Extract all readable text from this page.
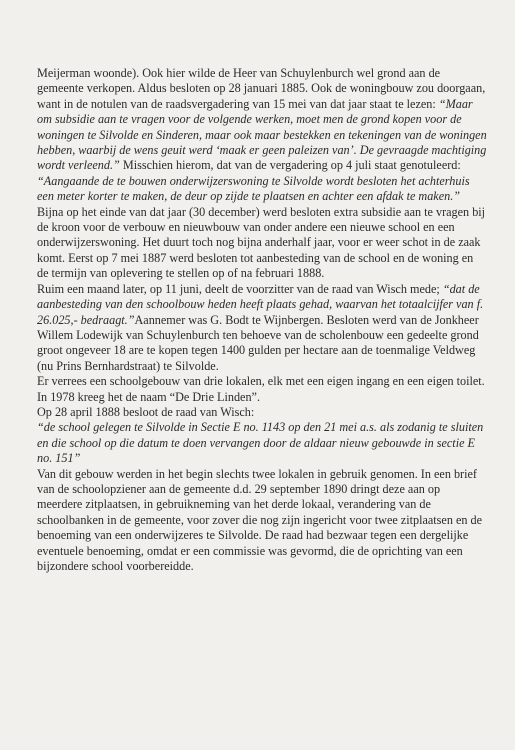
Meijerman woonde). Ook hier wilde de Heer van Schuylenburch wel grond aan de gemeente verkopen. Aldus besloten op 28 januari 1885. Ook de woningbouw zou doorgaan, want in de notulen van de raadsvergadering van 15 mei van dat jaar staat te lezen: “Maar om subsidie aan te vragen voor de volgende werken, moet men de grond kopen voor de woningen te Silvolde en Sinderen, maar ook maar bestekken en tekeningen van de woningen hebben, waarbij de wens geuit werd ‘maak er geen paleizen van’. De gevraagde machtiging wordt verleend.” Misschien hierom, dat van de vergadering op 4 juli staat genotuleerd: “Aangaande de te bouwen onderwijzerswoning te Silvolde wordt besloten het achterhuis een meter korter te maken, de deur op zijde te plaatsen en achter een afdak te maken.” Bijna op het einde van dat jaar (30 december) werd besloten extra subsidie aan te vragen bij de kroon voor de verbouw en nieuwbouw van onder andere een nieuwe school en een onderwijzerswoning. Het duurt toch nog bijna anderhalf jaar, voor er weer schot in de zaak komt. Eerst op 7 mei 1887 werd besloten tot aanbesteding van de school en de woning en de termijn van oplevering te stellen op of na februari 1888.

Ruim een maand later, op 11 juni, deelt de voorzitter van de raad van Wisch mede; “dat de aanbesteding van den schoolbouw heden heeft plaats gehad, waarvan het totaalcijfer van f. 26.025,- bedraagt.”Aannemer was G. Bodt te Wijnbergen. Besloten werd van de Jonkheer Willem Lodewijk van Schuylenburch ten behoeve van de scholenbouw een gedeelte grond groot ongeveer 18 are te kopen tegen 1400 gulden per hectare aan de toenmalige Veldweg (nu Prins Bernhardstraat) te Silvolde.

Er verrees een schoolgebouw van drie lokalen, elk met een eigen ingang en een eigen toilet. In 1978 kreeg het de naam “De Drie Linden”.

Op 28 april 1888 besloot de raad van Wisch:

“de school gelegen te Silvolde in Sectie E no. 1143 op den 21 mei a.s. als zodanig te sluiten en die school op die datum te doen vervangen door de aldaar nieuw gebouwde in sectie E no. 151”

Van dit gebouw werden in het begin slechts twee lokalen in gebruik genomen. In een brief van de schoolopziener aan de gemeente d.d. 29 september 1890 dringt deze aan op meerdere zitplaatsen, in gebruikneming van het derde lokaal, verandering van de schoolbanken in de gemeente, voor zover die nog zijn ingericht voor twee zitplaatsen en de benoeming van een onderwijzeres te Silvolde. De raad had bezwaar tegen een dergelijke eventuele benoeming, omdat er een commissie was gevormd, die de oprichting van een bijzondere school voorbereidde.
